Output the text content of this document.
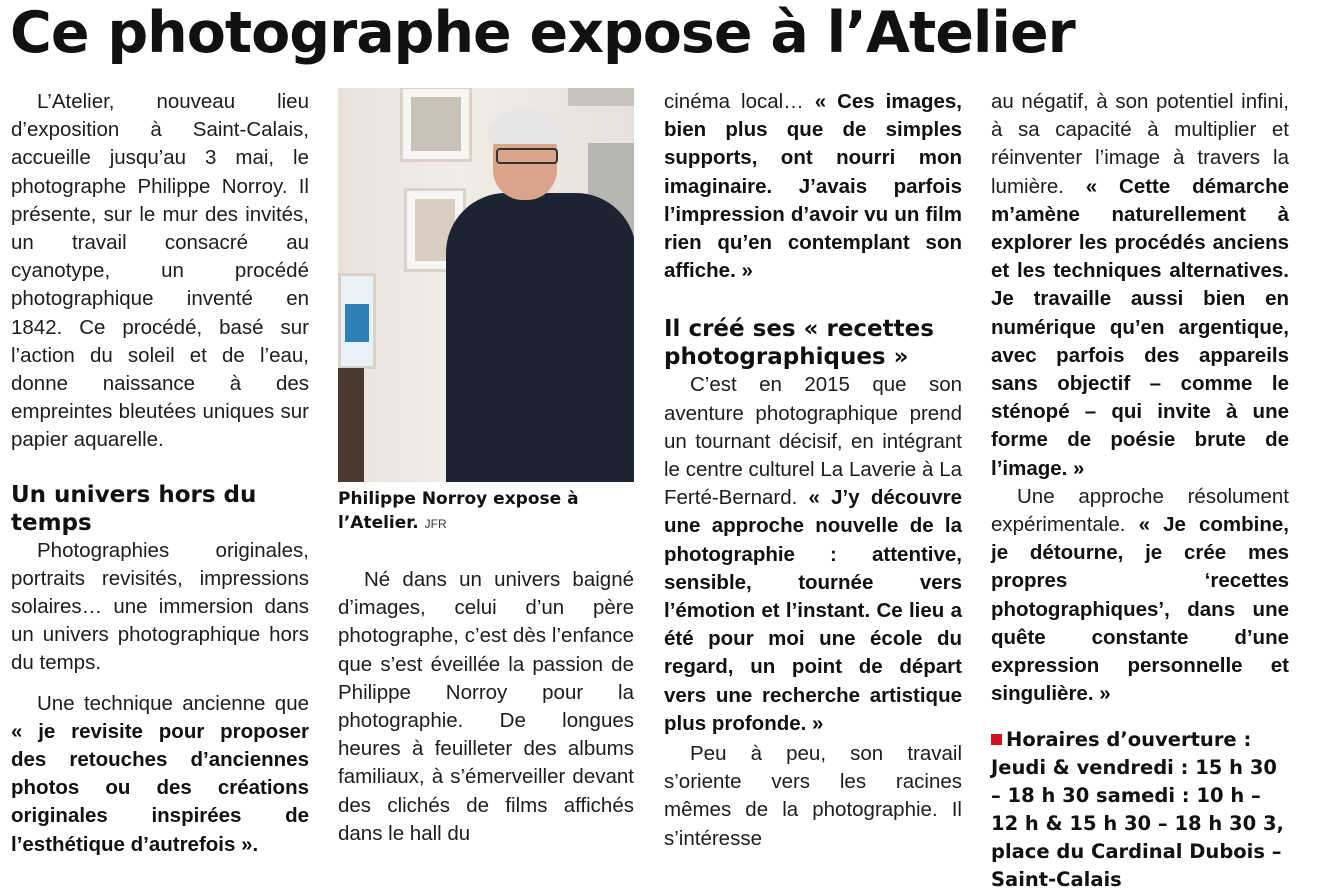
Ce photographe expose à l’Atelier

L’Atelier, nouveau lieu d’exposition à Saint-Calais, accueille jusqu’au 3 mai, le photographe Philippe Norroy. Il présente, sur le mur des invités, un travail consacré au cyanotype, un procédé photographique inventé en 1842. Ce procédé, basé sur l’action du soleil et de l’eau, donne naissance à des empreintes bleutées uniques sur papier aquarelle.

Un univers hors du temps

Photographies originales, portraits revisités, impressions solaires… une immersion dans un univers photographique hors du temps.

Une technique ancienne que « je revisite pour proposer des retouches d’anciennes photos ou des créations originales inspirées de l’esthétique d’autrefois ».

Philippe Norroy expose à l’Atelier. JFR

Né dans un univers baigné d’images, celui d’un père photographe, c’est dès l’enfance que s’est éveillée la passion de Philippe Norroy pour la photographie. De longues heures à feuilleter des albums familiaux, à s’émerveiller devant des clichés de films affichés dans le hall du

cinéma local… « Ces images, bien plus que de simples supports, ont nourri mon imaginaire. J’avais parfois l’impression d’avoir vu un film rien qu’en contemplant son affiche. »

Il créé ses « recettes photographiques »

C’est en 2015 que son aventure photographique prend un tournant décisif, en intégrant le centre culturel La Laverie à La Ferté-Bernard. « J’y découvre une approche nouvelle de la photographie : attentive, sensible, tournée vers l’émotion et l’instant. Ce lieu a été pour moi une école du regard, un point de départ vers une recherche artistique plus profonde. »

Peu à peu, son travail s’oriente vers les racines mêmes de la photographie. Il s’intéresse

au négatif, à son potentiel infini, à sa capacité à multiplier et réinventer l’image à travers la lumière. « Cette démarche m’amène naturellement à explorer les procédés anciens et les techniques alternatives. Je travaille aussi bien en numérique qu’en argentique, avec parfois des appareils sans objectif – comme le sténopé – qui invite à une forme de poésie brute de l’image. »

Une approche résolument expérimentale. « Je combine, je détourne, je crée mes propres ‘recettes photographiques’, dans une quête constante d’une expression personnelle et singulière. »

Horaires d’ouverture : Jeudi & vendredi : 15 h 30 – 18 h 30 samedi : 10 h – 12 h & 15 h 30 – 18 h 30 3, place du Cardinal Dubois – Saint-Calais
